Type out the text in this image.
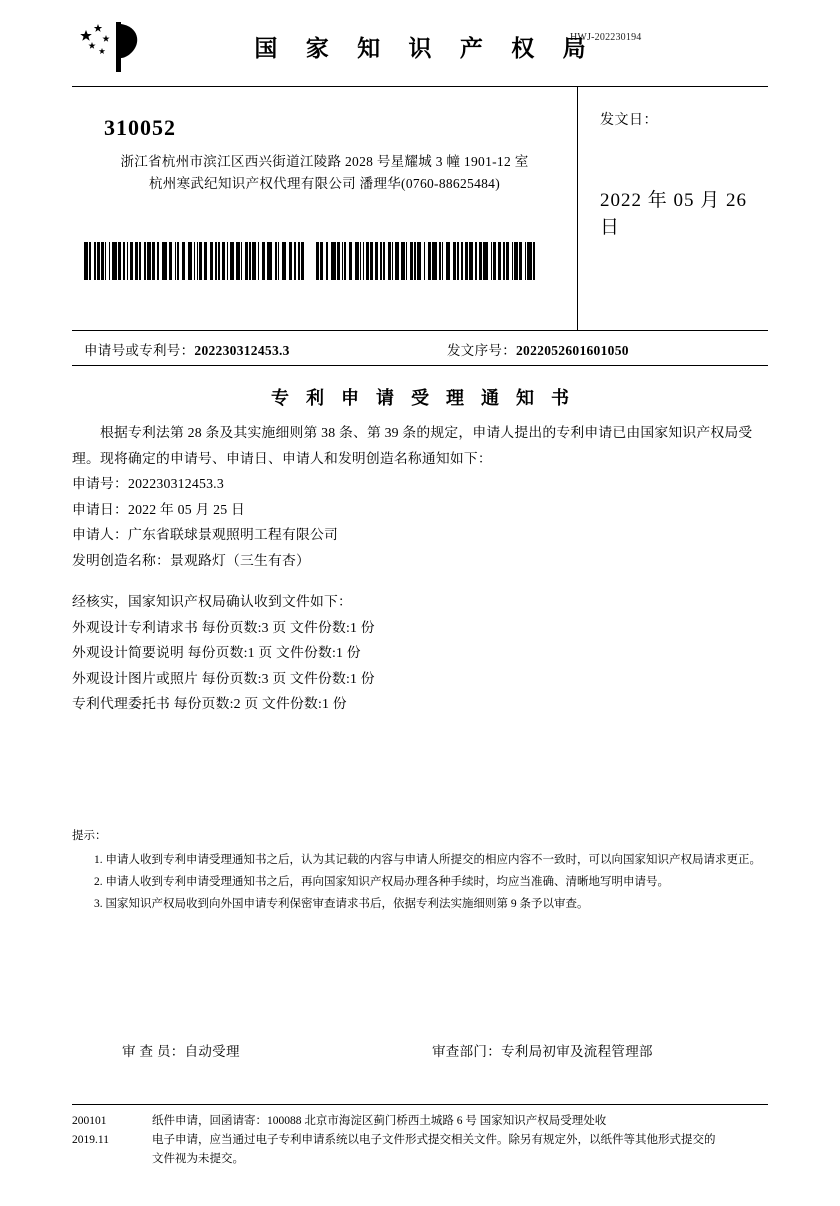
HWJ-202230194
国 家 知 识 产 权 局
310052
浙江省杭州市滨江区西兴街道江陵路 2028 号星耀城 3 幢 1901-12 室
杭州寒武纪知识产权代理有限公司 潘理华(0760-88625484)
发文日：
2022 年 05 月 26 日
申请号或专利号：202230312453.3	发文序号：2022052601601050
专 利 申 请 受 理 通 知 书
根据专利法第 28 条及其实施细则第 38 条、第 39 条的规定，申请人提出的专利申请已由国家知识产权局受理。现将确定的申请号、申请日、申请人和发明创造名称通知如下：
申请号：202230312453.3
申请日：2022 年 05 月 25 日
申请人：广东省联球景观照明工程有限公司
发明创造名称：景观路灯（三生有杏）
经核实，国家知识产权局确认收到文件如下：
外观设计专利请求书 每份页数:3 页 文件份数:1 份
外观设计简要说明 每份页数:1 页 文件份数:1 份
外观设计图片或照片 每份页数:3 页 文件份数:1 份
专利代理委托书 每份页数:2 页 文件份数:1 份
提示：
1. 申请人收到专利申请受理通知书之后，认为其记载的内容与申请人所提交的相应内容不一致时，可以向国家知识产权局请求更正。
2. 申请人收到专利申请受理通知书之后，再向国家知识产权局办理各种手续时，均应当准确、清晰地写明申请号。
3. 国家知识产权局收到向外国申请专利保密审查请求书后，依据专利法实施细则第 9 条予以审查。
审 查 员：自动受理	审查部门：专利局初审及流程管理部
200101
2019.11
纸件申请，回函请寄：100088 北京市海淀区蓟门桥西土城路 6 号 国家知识产权局受理处收
电子申请，应当通过电子专利申请系统以电子文件形式提交相关文件。除另有规定外，以纸件等其他形式提交的
文件视为未提交。
